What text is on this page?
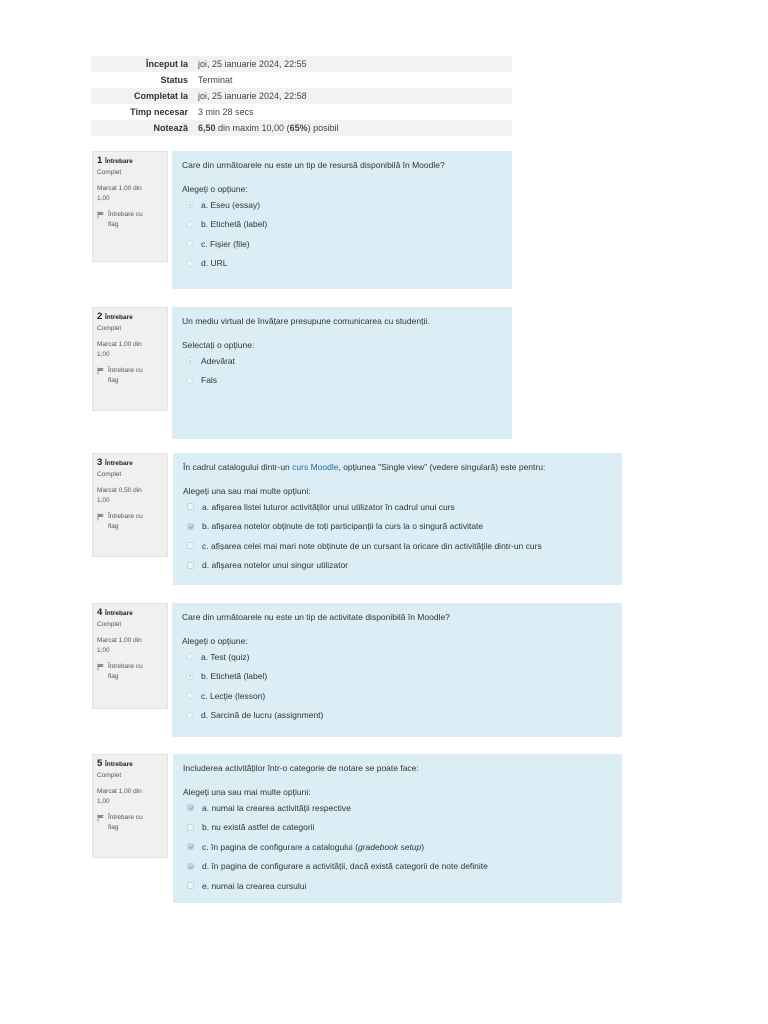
Început la	joi, 25 ianuarie 2024, 22:55
Status	Terminat
Completat la	joi, 25 ianuarie 2024, 22:58
Timp necesar	3 min 28 secs
Notează	6,50 din maxim 10,00 (65%) posibil
1 Întrebare
Complet
Marcat 1,00 din
1,00
Întrebare cu
flag
Care din următoarele nu este un tip de resursă disponibilă în Moodle?
Alegeți o opțiune:
a. Eseu (essay)
b. Etichetă (label)
c. Fișier (file)
d. URL
2 Întrebare
Complet
Marcat 1,00 din
1,00
Întrebare cu
flag
Un mediu virtual de învățare presupune comunicarea cu studenții.
Selectați o opțiune:
Adevărat
Fals
3 Întrebare
Complet
Marcat 0,50 din
1,00
Întrebare cu
flag
În cadrul catalogului dintr-un curs Moodle, opțiunea "Single view" (vedere singulară) este pentru:
Alegeți una sau mai multe opțiuni:
a. afișarea listei tuturor activităților unui utilizator în cadrul unui curs
b. afișarea notelor obținute de toți participanții la curs la o singură activitate
c. afișarea celei mai mari note obținute de un cursant la oricare din activitățile dintr-un curs
d. afișarea notelor unui singur utilizator
4 Întrebare
Complet
Marcat 1,00 din
1,00
Întrebare cu
flag
Care din următoarele nu este un tip de activitate disponibilă în Moodle?
Alegeți o opțiune:
a. Test (quiz)
b. Etichetă (label)
c. Lecție (lesson)
d. Sarcină de lucru (assignment)
5 Întrebare
Complet
Marcat 1,00 din
1,00
Întrebare cu
flag
Includerea activităților într-o categorie de notare se poate face:
Alegeți una sau mai multe opțiuni:
a. numai la crearea activității respective
b. nu există astfel de categorii
c. în pagina de configurare a catalogului (gradebook setup)
d. în pagina de configurare a activității, dacă există categorii de note definite
e. numai la crearea cursului
